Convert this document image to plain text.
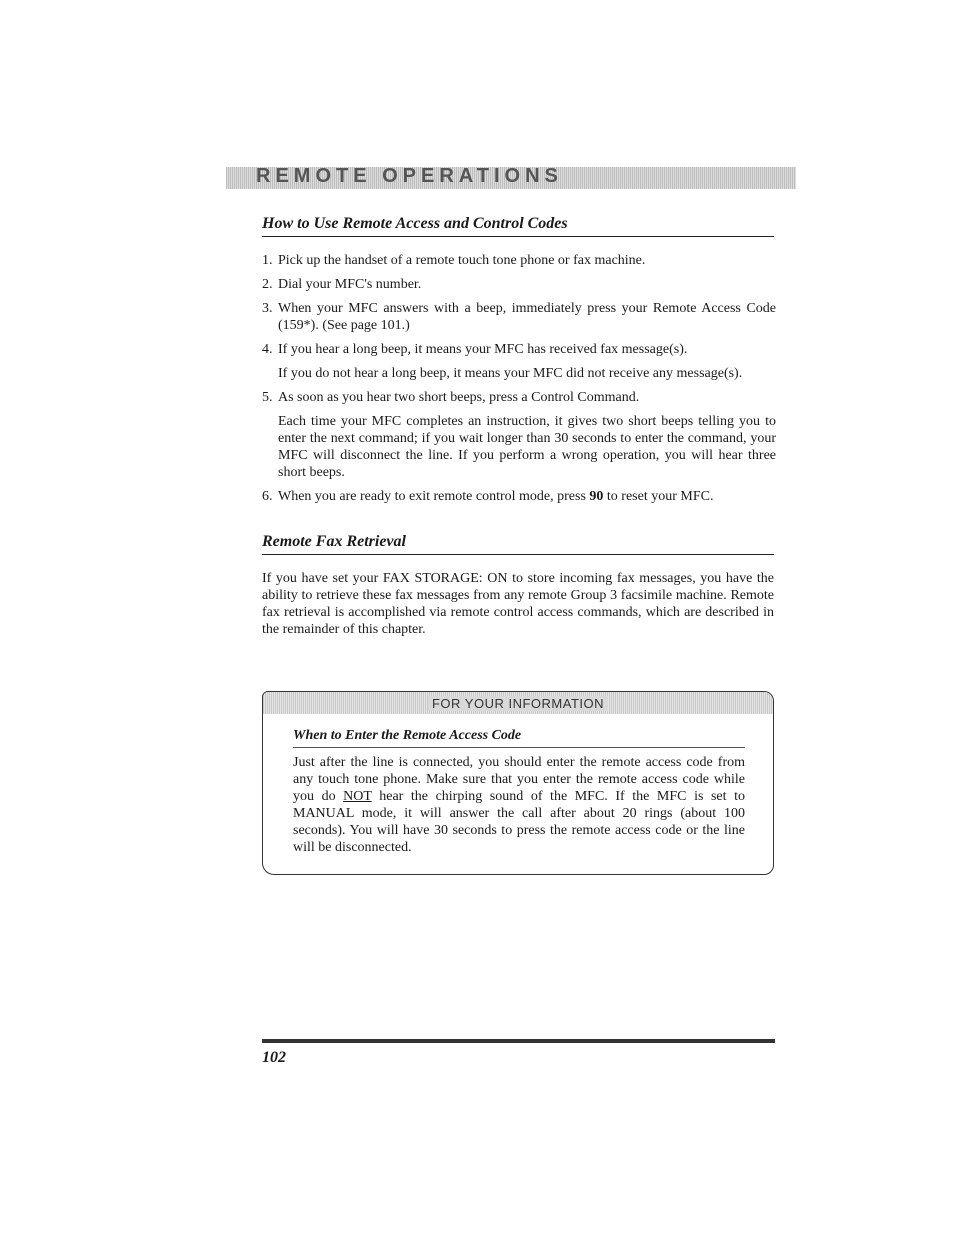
REMOTE OPERATIONS
How to Use Remote Access and Control Codes
1. Pick up the handset of a remote touch tone phone or fax machine.

2. Dial your MFC's number.

3. When your MFC answers with a beep, immediately press your Remote Access Code (159*). (See page 101.)

4. If you hear a long beep, it means your MFC has received fax message(s).

If you do not hear a long beep, it means your MFC did not receive any message(s).

5. As soon as you hear two short beeps, press a Control Command.

Each time your MFC completes an instruction, it gives two short beeps telling you to enter the next command; if you wait longer than 30 seconds to enter the command, your MFC will disconnect the line. If you perform a wrong operation, you will hear three short beeps.

6. When you are ready to exit remote control mode, press 90 to reset your MFC.

Remote Fax Retrieval

If you have set your FAX STORAGE: ON to store incoming fax messages, you have the ability to retrieve these fax messages from any remote Group 3 facsimile machine. Remote fax retrieval is accomplished via remote control access commands, which are described in the remainder of this chapter.

FOR YOUR INFORMATION
When to Enter the Remote Access Code

Just after the line is connected, you should enter the remote access code from any touch tone phone. Make sure that you enter the remote access code while you do NOT hear the chirping sound of the MFC. If the MFC is set to MANUAL mode, it will answer the call after about 20 rings (about 100 seconds). You will have 30 seconds to press the remote access code or the line will be disconnected.

102
